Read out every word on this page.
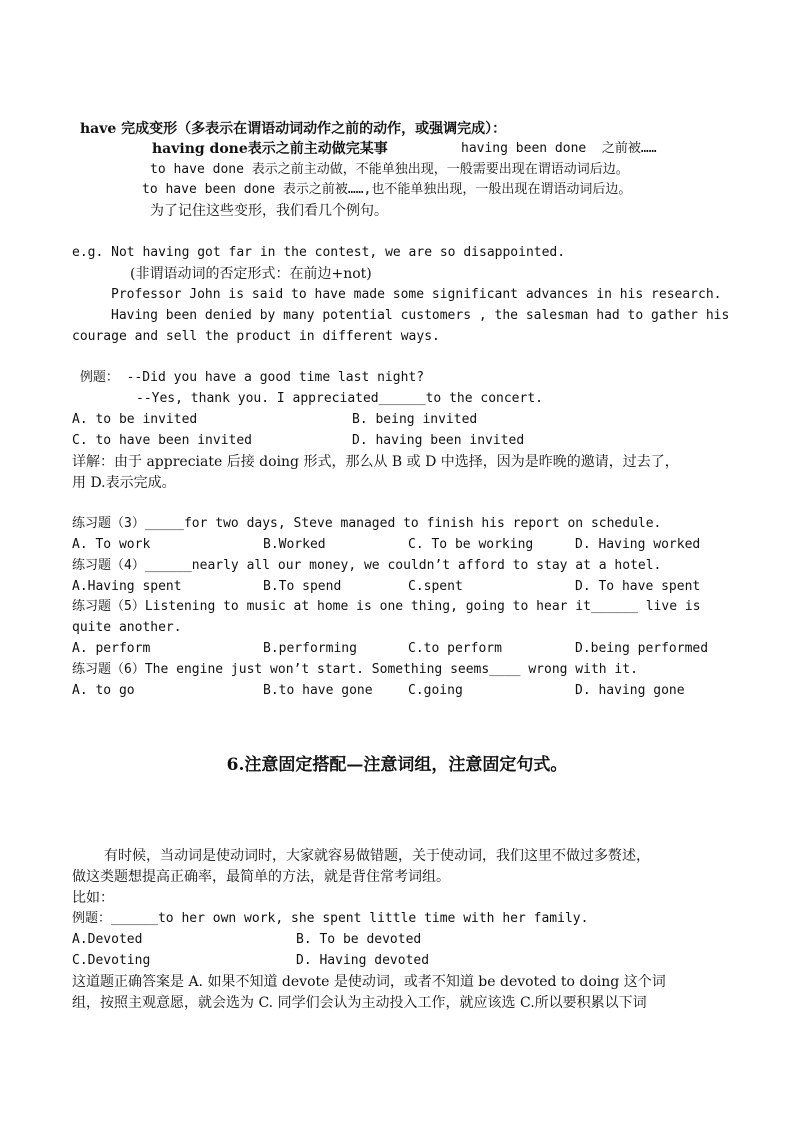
have 完成变形（多表示在谓语动词动作之前的动作，或强调完成）：
having done表示之前主动做完某事	having been done  之前被……
to have done 表示之前主动做，不能单独出现，一般需要出现在谓语动词后边。
to have been done 表示之前被……,也不能单独出现，一般出现在谓语动词后边。
为了记住这些变形，我们看几个例句。
e.g. Not having got far in the contest, we are so disappointed.
(非谓语动词的否定形式：在前边+not)
Professor John is said to have made some significant advances in his research.
Having been denied by many potential customers , the salesman had to gather his
courage and sell the product in different ways.
例题： --Did you have a good time last night?
--Yes, thank you. I appreciated______to the concert.
A. to be invited	B. being invited
C. to have been invited	D. having been invited
详解：由于 appreciate 后接 doing 形式，那么从 B 或 D 中选择，因为是昨晚的邀请，过去了，
用 D.表示完成。
练习题（3）_____for two days, Steve managed to finish his report on schedule.
A. To work	B.Worked	C. To be working	D. Having worked
练习题（4）______nearly all our money, we couldn’t afford to stay at a hotel.
A.Having spent	B.To spend	C.spent	D. To have spent
练习题（5）Listening to music at home is one thing, going to hear it______ live is
quite another.
A. perform	B.performing	C.to perform	D.being performed
练习题（6）The engine just won’t start. Something seems____ wrong with it.
A. to go	B.to have gone	C.going	D. having gone
6.注意固定搭配—注意词组，注意固定句式。
有时候，当动词是使动词时，大家就容易做错题，关于使动词，我们这里不做过多赘述，
做这类题想提高正确率，最简单的方法，就是背住常考词组。
比如：
例题：______to her own work, she spent little time with her family.
A.Devoted	B. To be devoted
C.Devoting	D. Having devoted
这道题正确答案是 A. 如果不知道 devote 是使动词，或者不知道 be devoted to doing 这个词
组，按照主观意愿，就会选为 C. 同学们会认为主动投入工作，就应该选 C.所以要积累以下词
